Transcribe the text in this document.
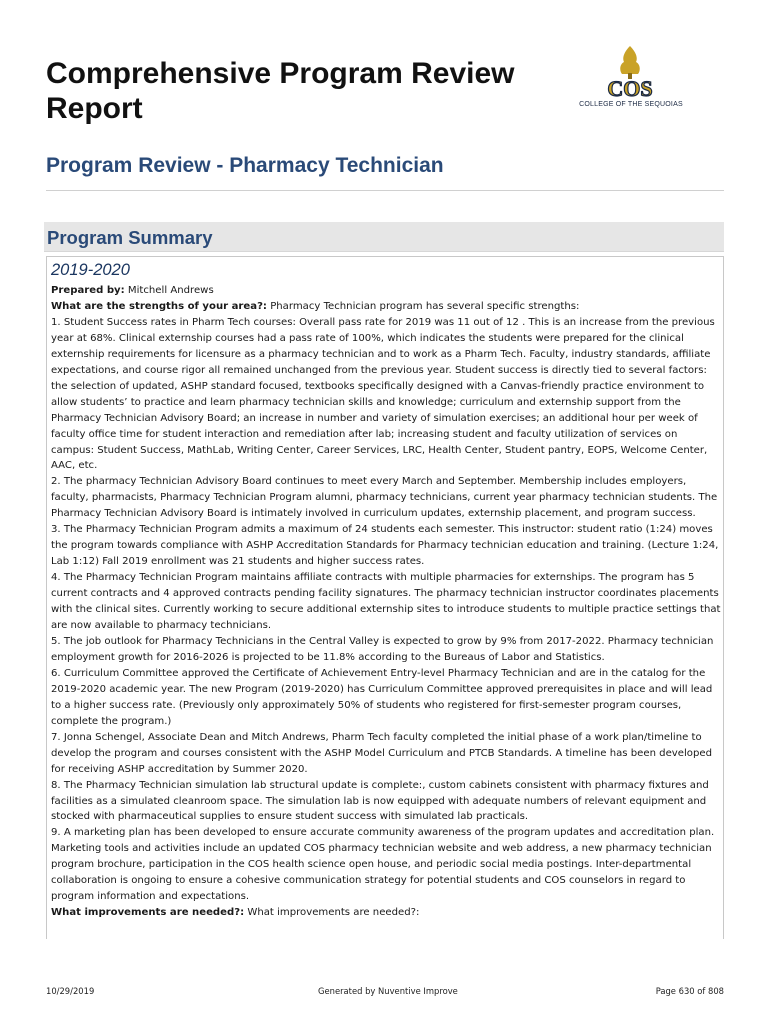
Comprehensive Program Review Report
COS
COLLEGE OF THE SEQUOIAS
Program Review - Pharmacy Technician
Program Summary
2019-2020

Prepared by: Mitchell Andrews

What are the strengths of your area?: Pharmacy Technician program has several specific strengths:

1. Student Success rates in Pharm Tech courses: Overall pass rate for 2019 was 11 out of 12 . This is an increase from the previous year at 68%. Clinical externship courses had a pass rate of 100%, which indicates the students were prepared for the clinical externship requirements for licensure as a pharmacy technician and to work as a Pharm Tech. Faculty, industry standards, affiliate expectations, and course rigor all remained unchanged from the previous year. Student success is directly tied to several factors: the selection of updated, ASHP standard focused, textbooks specifically designed with a Canvas-friendly practice environment to allow students’ to practice and learn pharmacy technician skills and knowledge; curriculum and externship support from the Pharmacy Technician Advisory Board; an increase in number and variety of simulation exercises; an additional hour per week of faculty office time for student interaction and remediation after lab; increasing student and faculty utilization of services on campus: Student Success, MathLab, Writing Center, Career Services, LRC, Health Center, Student pantry, EOPS, Welcome Center, AAC, etc.

2. The pharmacy Technician Advisory Board continues to meet every March and September. Membership includes employers, faculty, pharmacists, Pharmacy Technician Program alumni, pharmacy technicians, current year pharmacy technician students. The Pharmacy Technician Advisory Board is intimately involved in curriculum updates, externship placement, and program success.

3. The Pharmacy Technician Program admits a maximum of 24 students each semester. This instructor: student ratio (1:24) moves the program towards compliance with ASHP Accreditation Standards for Pharmacy technician education and training. (Lecture 1:24, Lab 1:12) Fall 2019 enrollment was 21 students and higher success rates.

4. The Pharmacy Technician Program maintains affiliate contracts with multiple pharmacies for externships. The program has 5 current contracts and 4 approved contracts pending facility signatures. The pharmacy technician instructor coordinates placements with the clinical sites. Currently working to secure additional externship sites to introduce students to multiple practice settings that are now available to pharmacy technicians.

5. The job outlook for Pharmacy Technicians in the Central Valley is expected to grow by 9% from 2017-2022. Pharmacy technician employment growth for 2016-2026 is projected to be 11.8% according to the Bureaus of Labor and Statistics.

6. Curriculum Committee approved the Certificate of Achievement Entry-level Pharmacy Technician and are in the catalog for the 2019-2020 academic year. The new Program (2019-2020) has Curriculum Committee approved prerequisites in place and will lead to a higher success rate. (Previously only approximately 50% of students who registered for first-semester program courses, complete the program.)

7. Jonna Schengel, Associate Dean and Mitch Andrews, Pharm Tech faculty completed the initial phase of a work plan/timeline to develop the program and courses consistent with the ASHP Model Curriculum and PTCB Standards. A timeline has been developed for receiving ASHP accreditation by Summer 2020.

8. The Pharmacy Technician simulation lab structural update is complete:, custom cabinets consistent with pharmacy fixtures and facilities as a simulated cleanroom space. The simulation lab is now equipped with adequate numbers of relevant equipment and stocked with pharmaceutical supplies to ensure student success with simulated lab practicals.

9. A marketing plan has been developed to ensure accurate community awareness of the program updates and accreditation plan. Marketing tools and activities include an updated COS pharmacy technician website and web address, a new pharmacy technician program brochure, participation in the COS health science open house, and periodic social media postings. Inter-departmental collaboration is ongoing to ensure a cohesive communication strategy for potential students and COS counselors in regard to program information and expectations.

What improvements are needed?: What improvements are needed?:

10/29/2019	Generated by Nuventive Improve	Page 630 of 808
